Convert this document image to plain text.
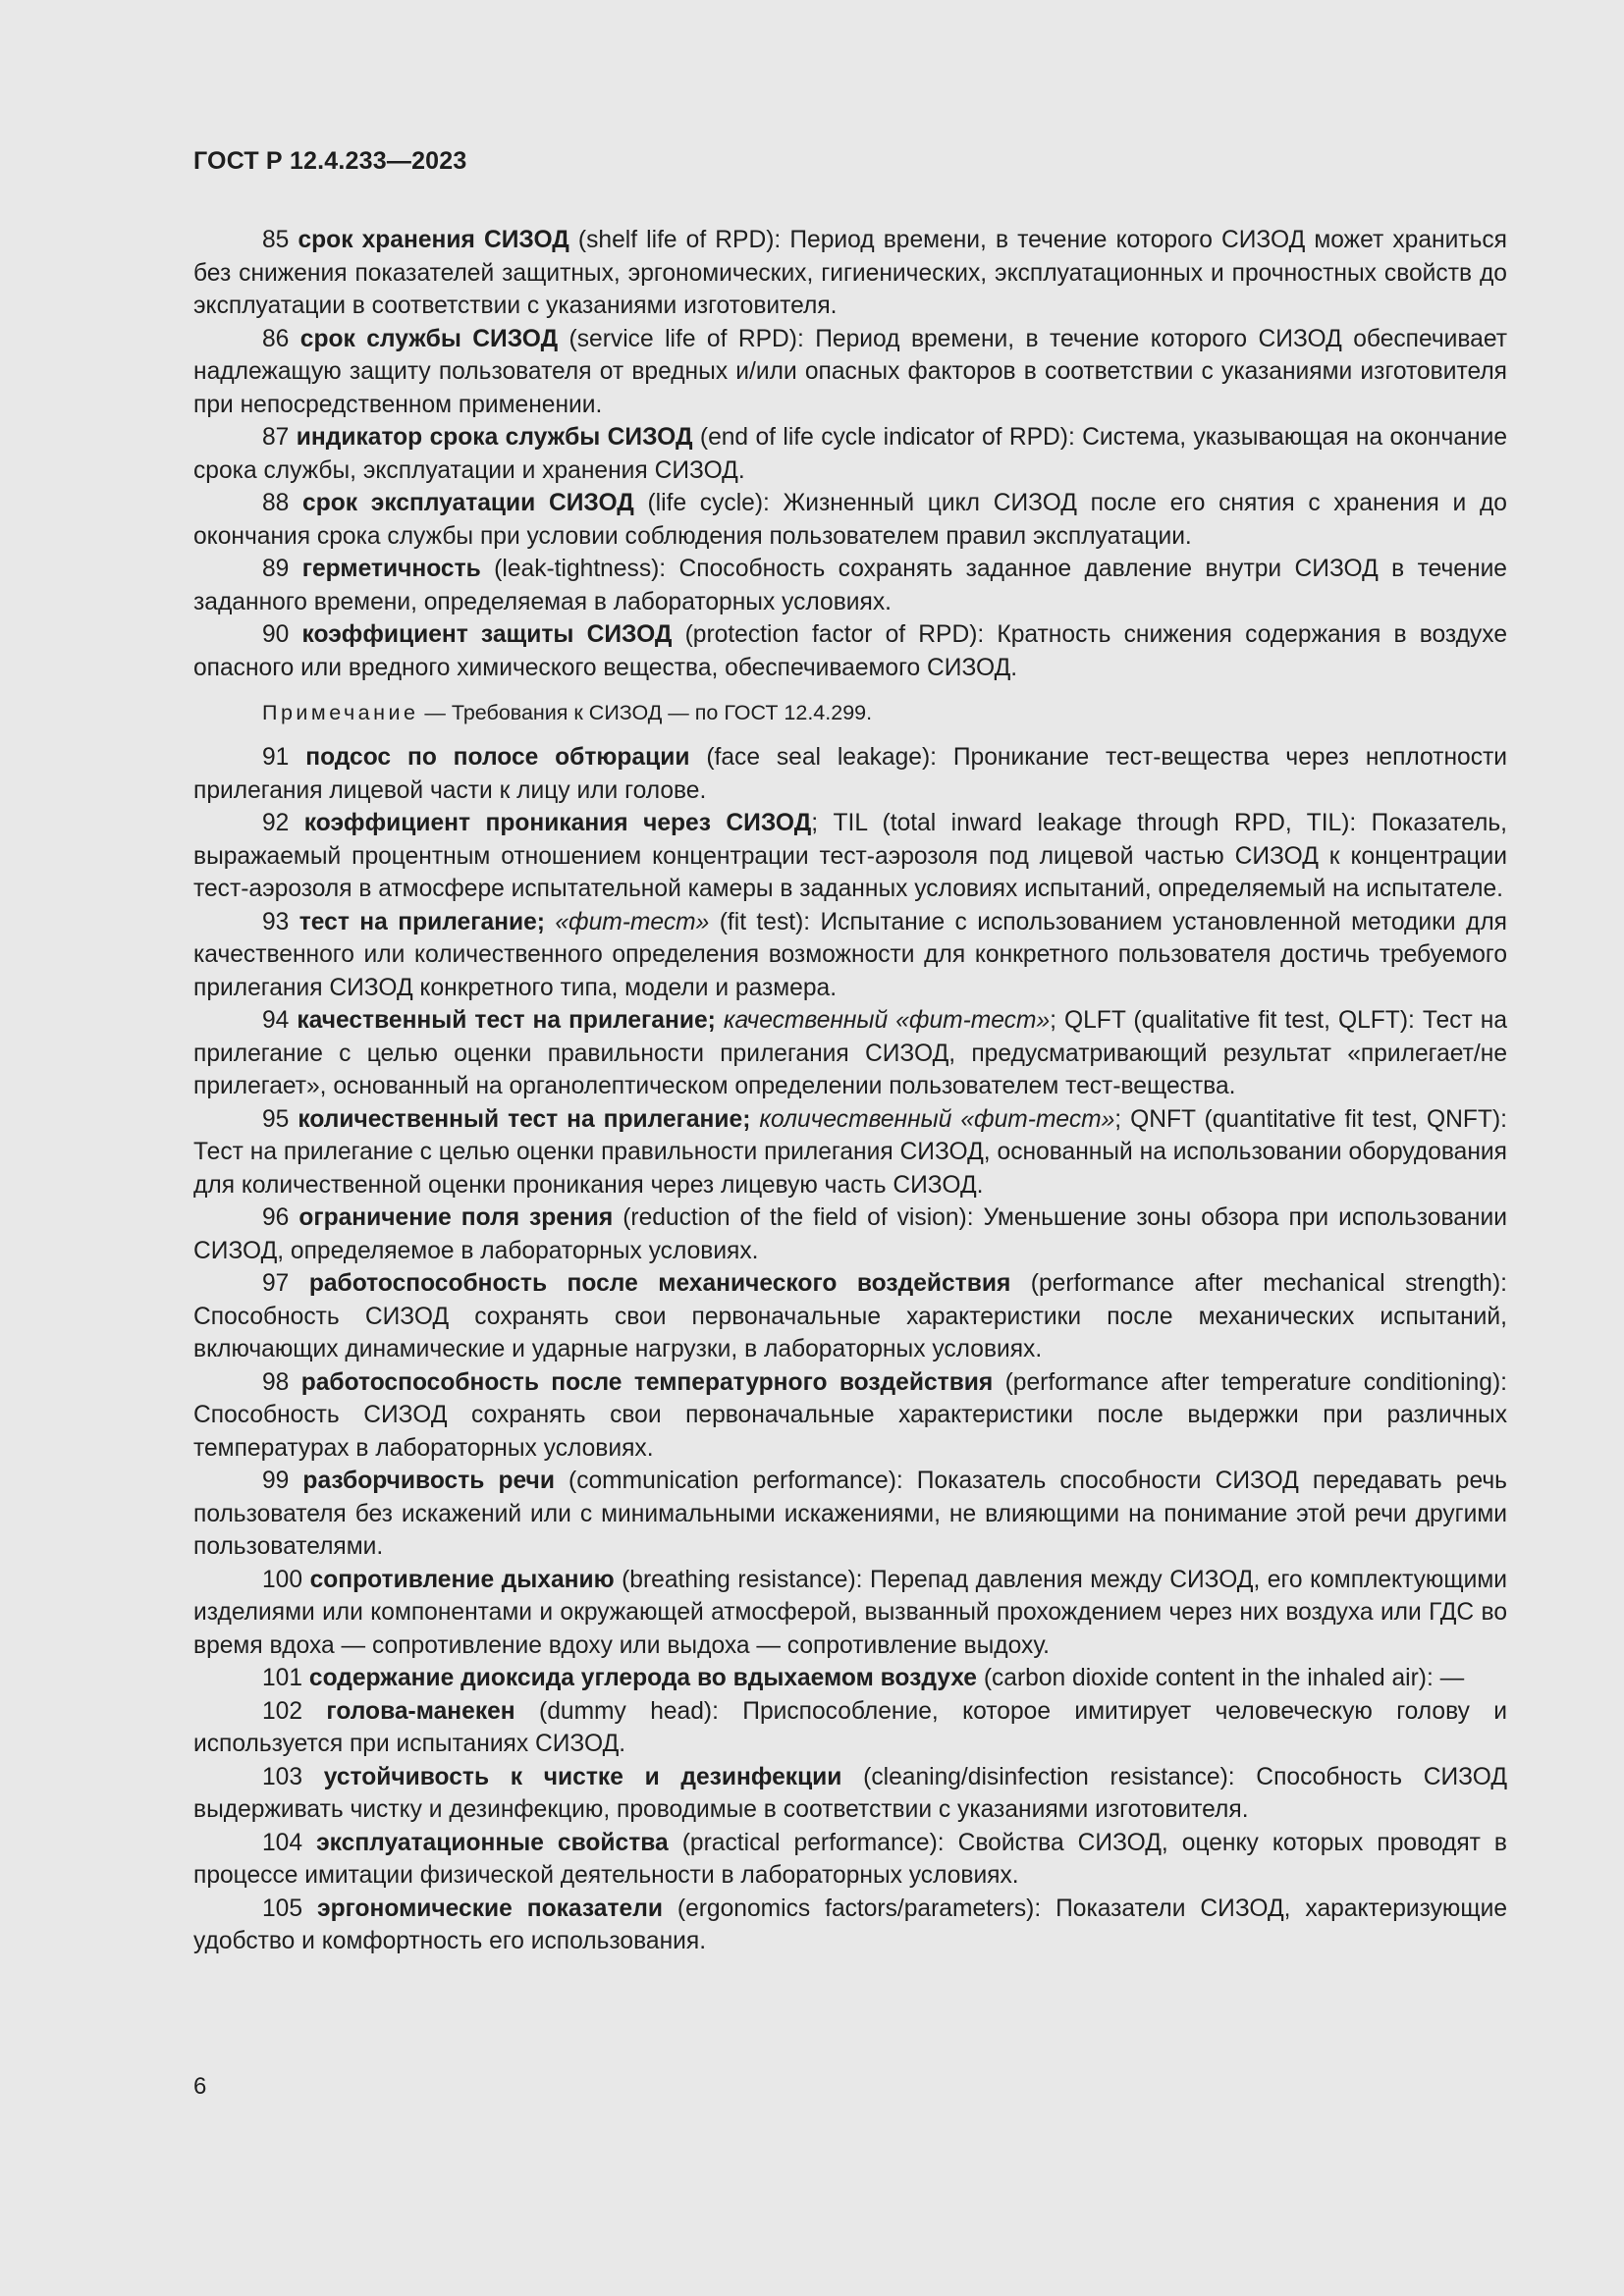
ГОСТ Р 12.4.233—2023

85 срок хранения СИЗОД (shelf life of RPD): Период времени, в течение которого СИЗОД может храниться без снижения показателей защитных, эргономических, гигиенических, эксплуатационных и прочностных свойств до эксплуатации в соответствии с указаниями изготовителя.

86 срок службы СИЗОД (service life of RPD): Период времени, в течение которого СИЗОД обеспечивает надлежащую защиту пользователя от вредных и/или опасных факторов в соответствии с указаниями изготовителя при непосредственном применении.

87 индикатор срока службы СИЗОД (end of life cycle indicator of RPD): Система, указывающая на окончание срока службы, эксплуатации и хранения СИЗОД.

88 срок эксплуатации СИЗОД (life cycle): Жизненный цикл СИЗОД после его снятия с хранения и до окончания срока службы при условии соблюдения пользователем правил эксплуатации.

89 герметичность (leak-tightness): Способность сохранять заданное давление внутри СИЗОД в течение заданного времени, определяемая в лабораторных условиях.

90 коэффициент защиты СИЗОД (protection factor of RPD): Кратность снижения содержания в воздухе опасного или вредного химического вещества, обеспечиваемого СИЗОД.

Примечание — Требования к СИЗОД — по ГОСТ 12.4.299.

91 подсос по полосе обтюрации (face seal leakage): Проникание тест-вещества через неплотности прилегания лицевой части к лицу или голове.

92 коэффициент проникания через СИЗОД; TIL (total inward leakage through RPD, TIL): Показатель, выражаемый процентным отношением концентрации тест-аэрозоля под лицевой частью СИЗОД к концентрации тест-аэрозоля в атмосфере испытательной камеры в заданных условиях испытаний, определяемый на испытателе.

93 тест на прилегание; «фит-тест» (fit test): Испытание с использованием установленной методики для качественного или количественного определения возможности для конкретного пользователя достичь требуемого прилегания СИЗОД конкретного типа, модели и размера.

94 качественный тест на прилегание; качественный «фит-тест»; QLFT (qualitative fit test, QLFT): Тест на прилегание с целью оценки правильности прилегания СИЗОД, предусматривающий результат «прилегает/не прилегает», основанный на органолептическом определении пользователем тест-вещества.

95 количественный тест на прилегание; количественный «фит-тест»; QNFT (quantitative fit test, QNFT): Тест на прилегание с целью оценки правильности прилегания СИЗОД, основанный на использовании оборудования для количественной оценки проникания через лицевую часть СИЗОД.

96 ограничение поля зрения (reduction of the field of vision): Уменьшение зоны обзора при использовании СИЗОД, определяемое в лабораторных условиях.

97 работоспособность после механического воздействия (performance after mechanical strength): Способность СИЗОД сохранять свои первоначальные характеристики после механических испытаний, включающих динамические и ударные нагрузки, в лабораторных условиях.

98 работоспособность после температурного воздействия (performance after temperature conditioning): Способность СИЗОД сохранять свои первоначальные характеристики после выдержки при различных температурах в лабораторных условиях.

99 разборчивость речи (communication performance): Показатель способности СИЗОД передавать речь пользователя без искажений или с минимальными искажениями, не влияющими на понимание этой речи другими пользователями.

100 сопротивление дыханию (breathing resistance): Перепад давления между СИЗОД, его комплектующими изделиями или компонентами и окружающей атмосферой, вызванный прохождением через них воздуха или ГДС во время вдоха — сопротивление вдоху или выдоха — сопротивление выдоху.

101 содержание диоксида углерода во вдыхаемом воздухе (carbon dioxide content in the inhaled air): —

102 голова-манекен (dummy head): Приспособление, которое имитирует человеческую голову и используется при испытаниях СИЗОД.

103 устойчивость к чистке и дезинфекции (cleaning/disinfection resistance): Способность СИЗОД выдерживать чистку и дезинфекцию, проводимые в соответствии с указаниями изготовителя.

104 эксплуатационные свойства (practical performance): Свойства СИЗОД, оценку которых проводят в процессе имитации физической деятельности в лабораторных условиях.

105 эргономические показатели (ergonomics factors/parameters): Показатели СИЗОД, характеризующие удобство и комфортность его использования.

6
